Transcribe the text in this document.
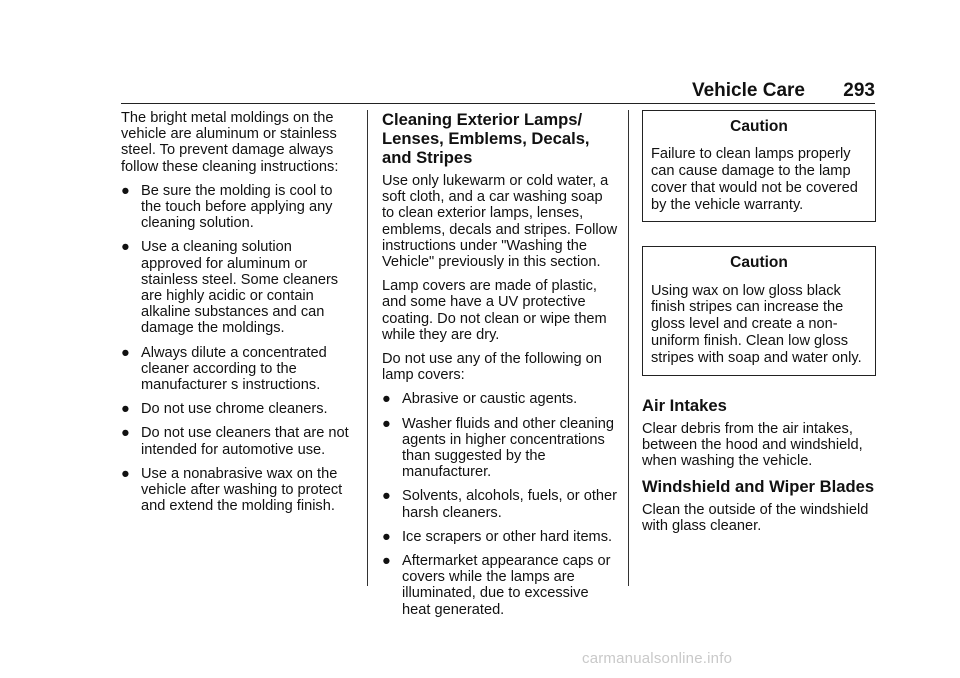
Vehicle Care 293

The bright metal moldings on the vehicle are aluminum or stainless steel. To prevent damage always follow these cleaning instructions:

● Be sure the molding is cool to the touch before applying any cleaning solution.
● Use a cleaning solution approved for aluminum or stainless steel. Some cleaners are highly acidic or contain alkaline substances and can damage the moldings.
● Always dilute a concentrated cleaner according to the manufacturer s instructions.
● Do not use chrome cleaners.
● Do not use cleaners that are not intended for automotive use.
● Use a nonabrasive wax on the vehicle after washing to protect and extend the molding finish.
Cleaning Exterior Lamps/ Lenses, Emblems, Decals, and Stripes

Use only lukewarm or cold water, a soft cloth, and a car washing soap to clean exterior lamps, lenses, emblems, decals and stripes. Follow instructions under "Washing the Vehicle" previously in this section.

Lamp covers are made of plastic, and some have a UV protective coating. Do not clean or wipe them while they are dry.

Do not use any of the following on lamp covers:

● Abrasive or caustic agents.
● Washer fluids and other cleaning agents in higher concentrations than suggested by the manufacturer.
● Solvents, alcohols, fuels, or other harsh cleaners.
● Ice scrapers or other hard items.
● Aftermarket appearance caps or covers while the lamps are illuminated, due to excessive heat generated.
Caution

Failure to clean lamps properly can cause damage to the lamp cover that would not be covered by the vehicle warranty.

Caution

Using wax on low gloss black finish stripes can increase the gloss level and create a non-uniform finish. Clean low gloss stripes with soap and water only.

Air Intakes

Clear debris from the air intakes, between the hood and windshield, when washing the vehicle.

Windshield and Wiper Blades

Clean the outside of the windshield with glass cleaner.

carmanualsonline.info
